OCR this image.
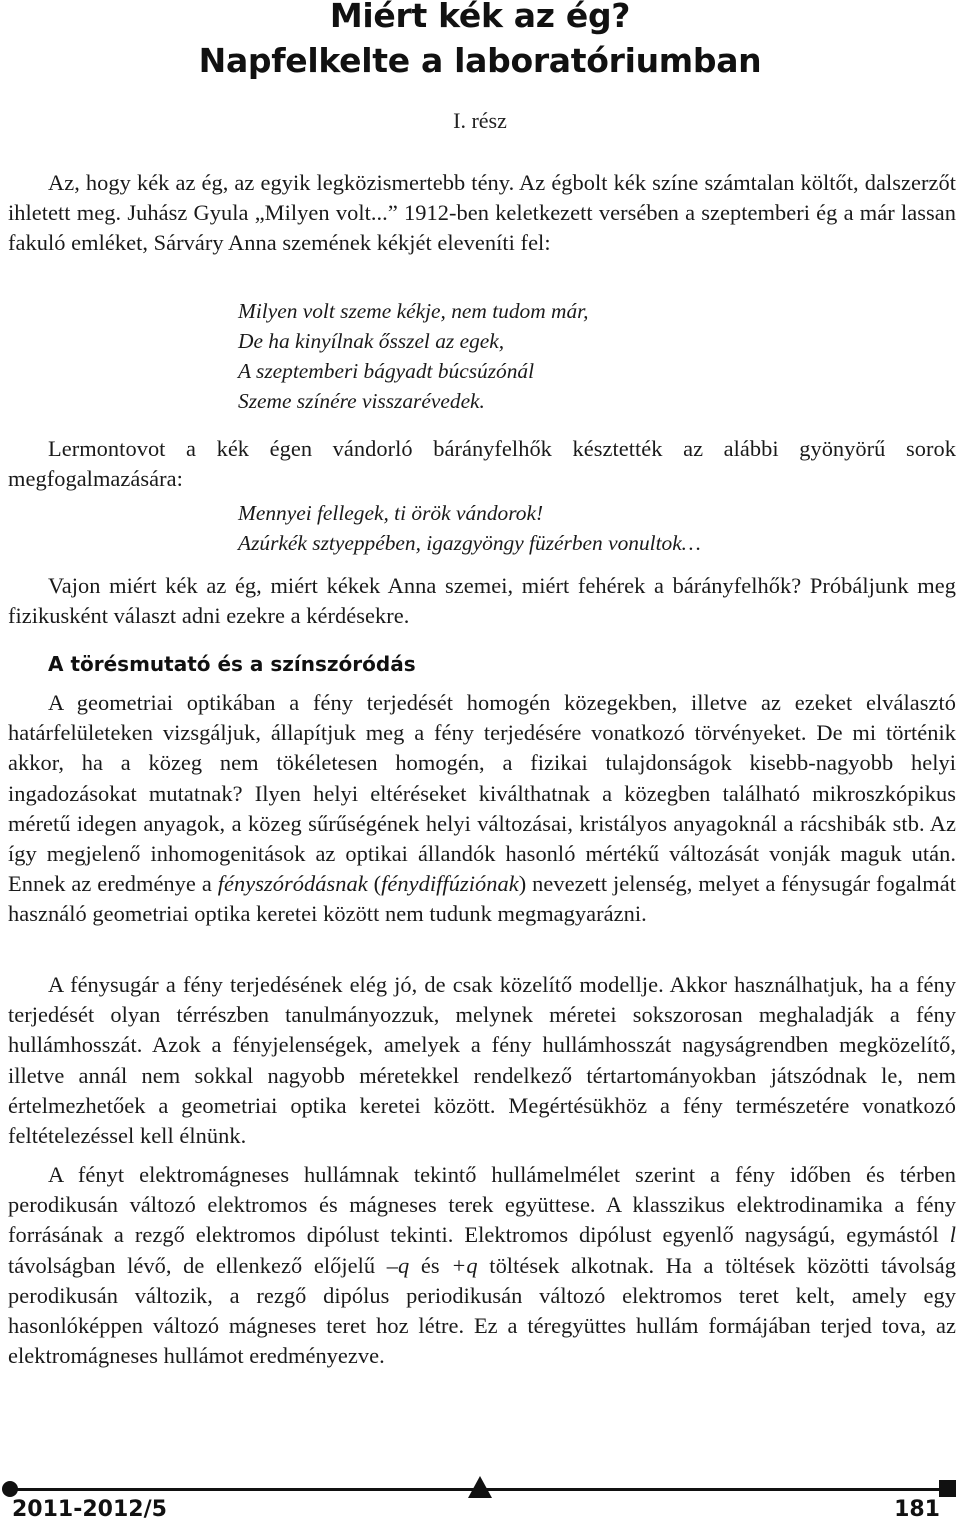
Miért kék az ég?
Napfelkelte a laboratóriumban
I. rész

Az, hogy kék az ég, az egyik legközismertebb tény. Az égbolt kék színe számtalan költőt, dalszerzőt ihletett meg. Juhász Gyula „Milyen volt...” 1912-ben keletkezett versében a szeptemberi ég a már lassan fakuló emléket, Sárváry Anna szemének kékjét eleveníti fel:

Milyen volt szeme kékje, nem tudom már,
De ha kinyílnak ősszel az egek,
A szeptemberi bágyadt búcsúzónál
Szeme színére visszarévedek.

Lermontovot a kék égen vándorló bárányfelhők késztették az alábbi gyönyörű sorok megfogalmazására:

Mennyei fellegek, ti örök vándorok!
Azúrkék sztyeppében, igazgyöngy füzérben vonultok…

Vajon miért kék az ég, miért kékek Anna szemei, miért fehérek a bárányfelhők? Próbáljunk meg fizikusként választ adni ezekre a kérdésekre.

A törésmutató és a színszóródás

A geometriai optikában a fény terjedését homogén közegekben, illetve az ezeket elválasztó határfelületeken vizsgáljuk, állapítjuk meg a fény terjedésére vonatkozó törvényeket. De mi történik akkor, ha a közeg nem tökéletesen homogén, a fizikai tulajdonságok kisebb-nagyobb helyi ingadozásokat mutatnak? Ilyen helyi eltéréseket kiválthatnak a közegben található mikroszkópikus méretű idegen anyagok, a közeg sűrűségének helyi változásai, kristályos anyagoknál a rácshibák stb. Az így megjelenő inhomogenitások az optikai állandók hasonló mértékű változását vonják maguk után. Ennek az eredménye a fényszóródásnak (fénydiffúziónak) nevezett jelenség, melyet a fénysugár fogalmát használó geometriai optika keretei között nem tudunk megmagyarázni.

A fénysugár a fény terjedésének elég jó, de csak közelítő modellje. Akkor használhatjuk, ha a fény terjedését olyan térrészben tanulmányozzuk, melynek méretei sokszorosan meghaladják a fény hullámhosszát. Azok a fényjelenségek, amelyek a fény hullámhosszát nagyságrendben megközelítő, illetve annál nem sokkal nagyobb méretekkel rendelkező tértartományokban játszódnak le, nem értelmezhetőek a geometriai optika keretei között. Megértésükhöz a fény természetére vonatkozó feltételezéssel kell élnünk.

A fényt elektromágneses hullámnak tekintő hullámelmélet szerint a fény időben és térben perodikusán változó elektromos és mágneses terek együttese. A klasszikus elektrodinamika a fény forrásának a rezgő elektromos dipólust tekinti. Elektromos dipólust egyenlő nagyságú, egymástól l távolságban lévő, de ellenkező előjelű –q és +q töltések alkotnak. Ha a töltések közötti távolság perodikusán változik, a rezgő dipólus periodikusán változó elektromos teret kelt, amely egy hasonlóképpen változó mágneses teret hoz létre. Ez a téregyüttes hullám formájában terjed tova, az elektromágneses hullámot eredményezve.

2011-2012/5	181
